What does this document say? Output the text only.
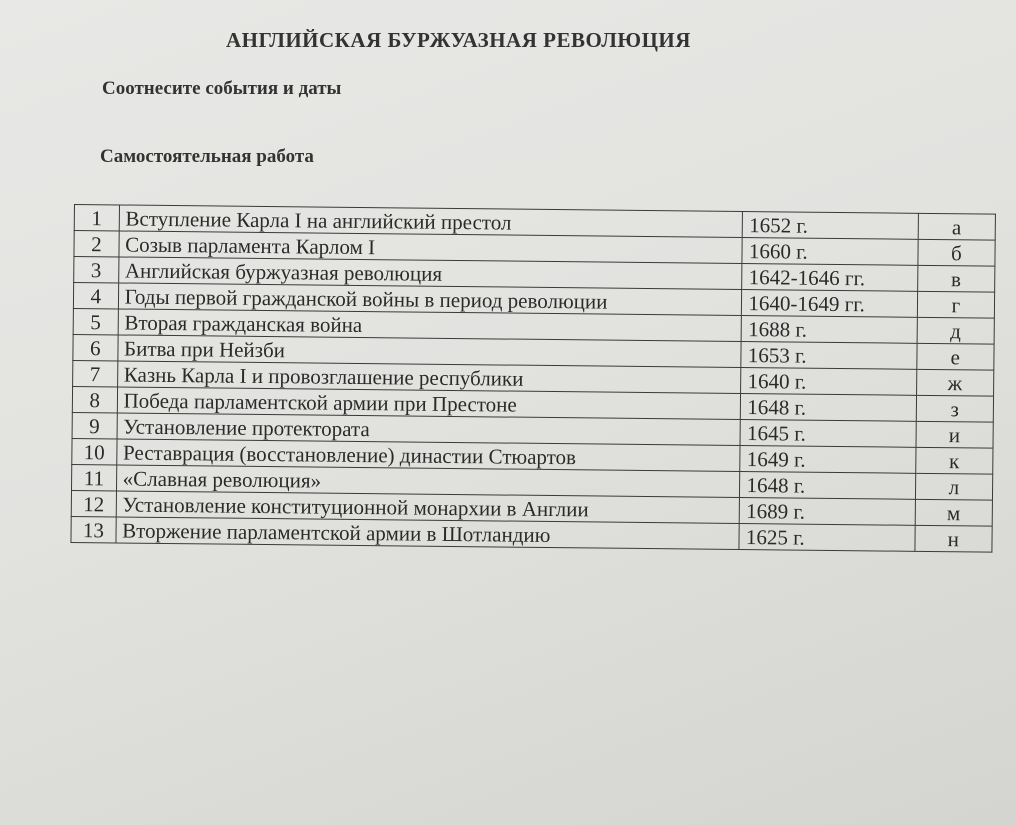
АНГЛИЙСКАЯ БУРЖУАЗНАЯ РЕВОЛЮЦИЯ
Соотнесите события и даты
Самостоятельная работа
1	Вступление Карла I на английский престол	1652 г.	а
2	Созыв парламента Карлом I	1660 г.	б
3	Английская буржуазная революция	1642-1646 гг.	в
4	Годы первой гражданской войны в период революции	1640-1649 гг.	г
5	Вторая гражданская война	1688 г.	д
6	Битва при Нейзби	1653 г.	е
7	Казнь Карла I и провозглашение республики	1640 г.	ж
8	Победа парламентской армии при Престоне	1648 г.	з
9	Установление протектората	1645 г.	и
10	Реставрация (восстановление) династии Стюартов	1649 г.	к
11	«Славная революция»	1648 г.	л
12	Установление конституционной монархии в Англии	1689 г.	м
13	Вторжение парламентской армии в Шотландию	1625 г.	н
